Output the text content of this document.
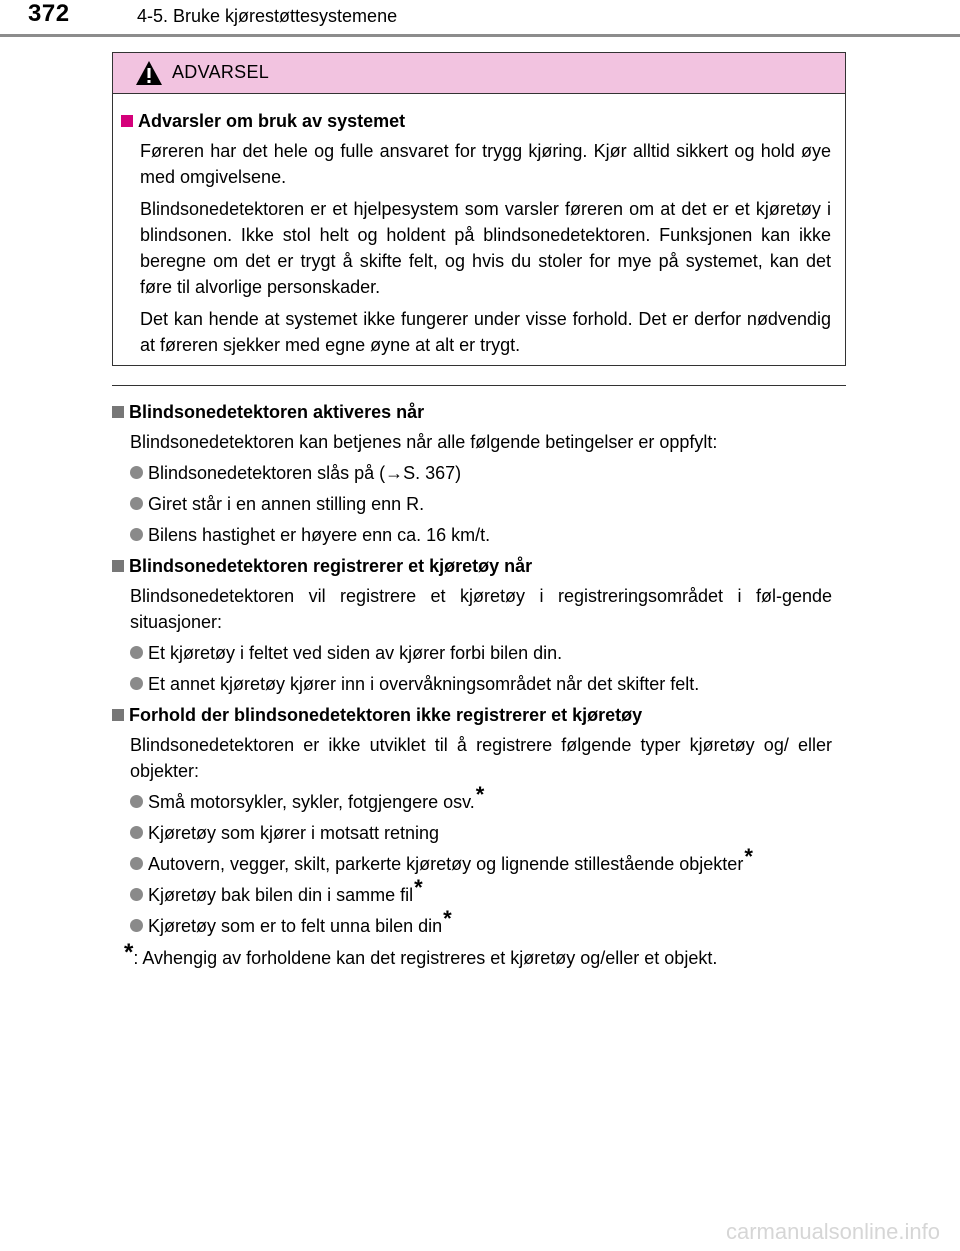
372	4-5. Bruke kjørestøttesystemene
ADVARSEL
Advarsler om bruk av systemet
Føreren har det hele og fulle ansvaret for trygg kjøring. Kjør alltid sikkert og hold øye med omgivelsene.
Blindsonedetektoren er et hjelpesystem som varsler føreren om at det er et kjøretøy i blindsonen. Ikke stol helt og holdent på blindsonedetektoren. Funksjonen kan ikke beregne om det er trygt å skifte felt, og hvis du stoler for mye på systemet, kan det føre til alvorlige personskader.
Det kan hende at systemet ikke fungerer under visse forhold. Det er derfor nødvendig at føreren sjekker med egne øyne at alt er trygt.
Blindsonedetektoren aktiveres når
Blindsonedetektoren kan betjenes når alle følgende betingelser er oppfylt:
Blindsonedetektoren slås på (→S. 367)
Giret står i en annen stilling enn R.
Bilens hastighet er høyere enn ca. 16 km/t.
Blindsonedetektoren registrerer et kjøretøy når
Blindsonedetektoren vil registrere et kjøretøy i registreringsområdet i føl-gende situasjoner:
Et kjøretøy i feltet ved siden av kjører forbi bilen din.
Et annet kjøretøy kjører inn i overvåkningsområdet når det skifter felt.
Forhold der blindsonedetektoren ikke registrerer et kjøretøy
Blindsonedetektoren er ikke utviklet til å registrere følgende typer kjøretøy og/ eller objekter:
Små motorsykler, sykler, fotgjengere osv.*
Kjøretøy som kjører i motsatt retning
Autovern, vegger, skilt, parkerte kjøretøy og lignende stillestående objekter*
Kjøretøy bak bilen din i samme fil*
Kjøretøy som er to felt unna bilen din*
*: Avhengig av forholdene kan det registreres et kjøretøy og/eller et objekt.
carmanualsonline.info
